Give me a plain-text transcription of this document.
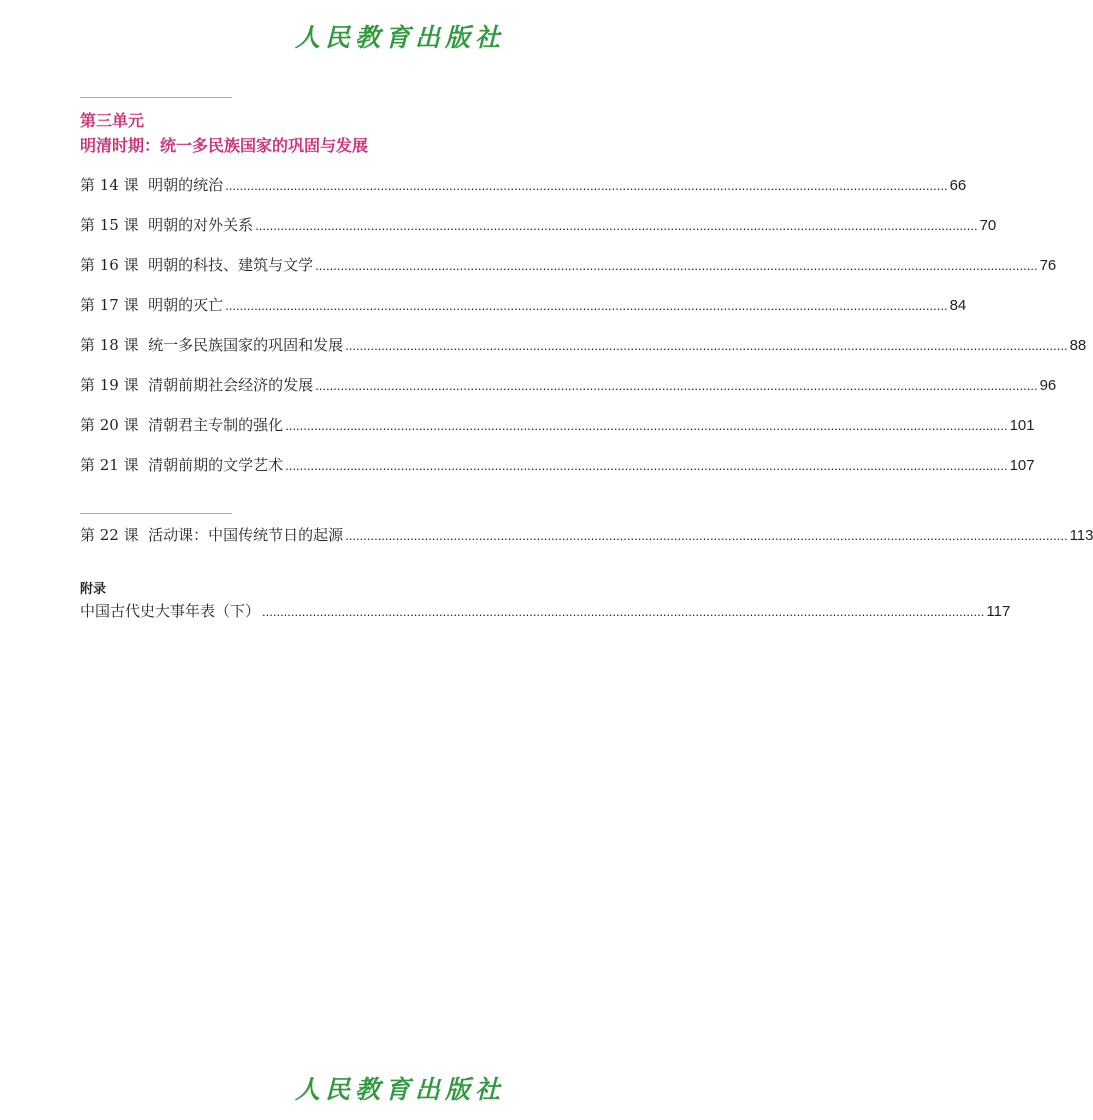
人民教育出版社
第三单元
明清时期：统一多民族国家的巩固与发展
第 14 课 明朝的统治 ........................................................................................................................................................................................................ 66
第 15 课 明朝的对外关系 ........................................................................................................................................................................................................ 70
第 16 课 明朝的科技、建筑与文学 ........................................................................................................................................................................................................ 76
第 17 课 明朝的灭亡 ........................................................................................................................................................................................................ 84
第 18 课 统一多民族国家的巩固和发展 ........................................................................................................................................................................................................ 88
第 19 课 清朝前期社会经济的发展 ........................................................................................................................................................................................................ 96
第 20 课 清朝君主专制的强化 ........................................................................................................................................................................................................ 101
第 21 课 清朝前期的文学艺术 ........................................................................................................................................................................................................ 107
第 22 课 活动课：中国传统节日的起源 ........................................................................................................................................................................................................ 113
附录
中国古代史大事年表（下） ........................................................................................................................................................................................................ 117
人民教育出版社
